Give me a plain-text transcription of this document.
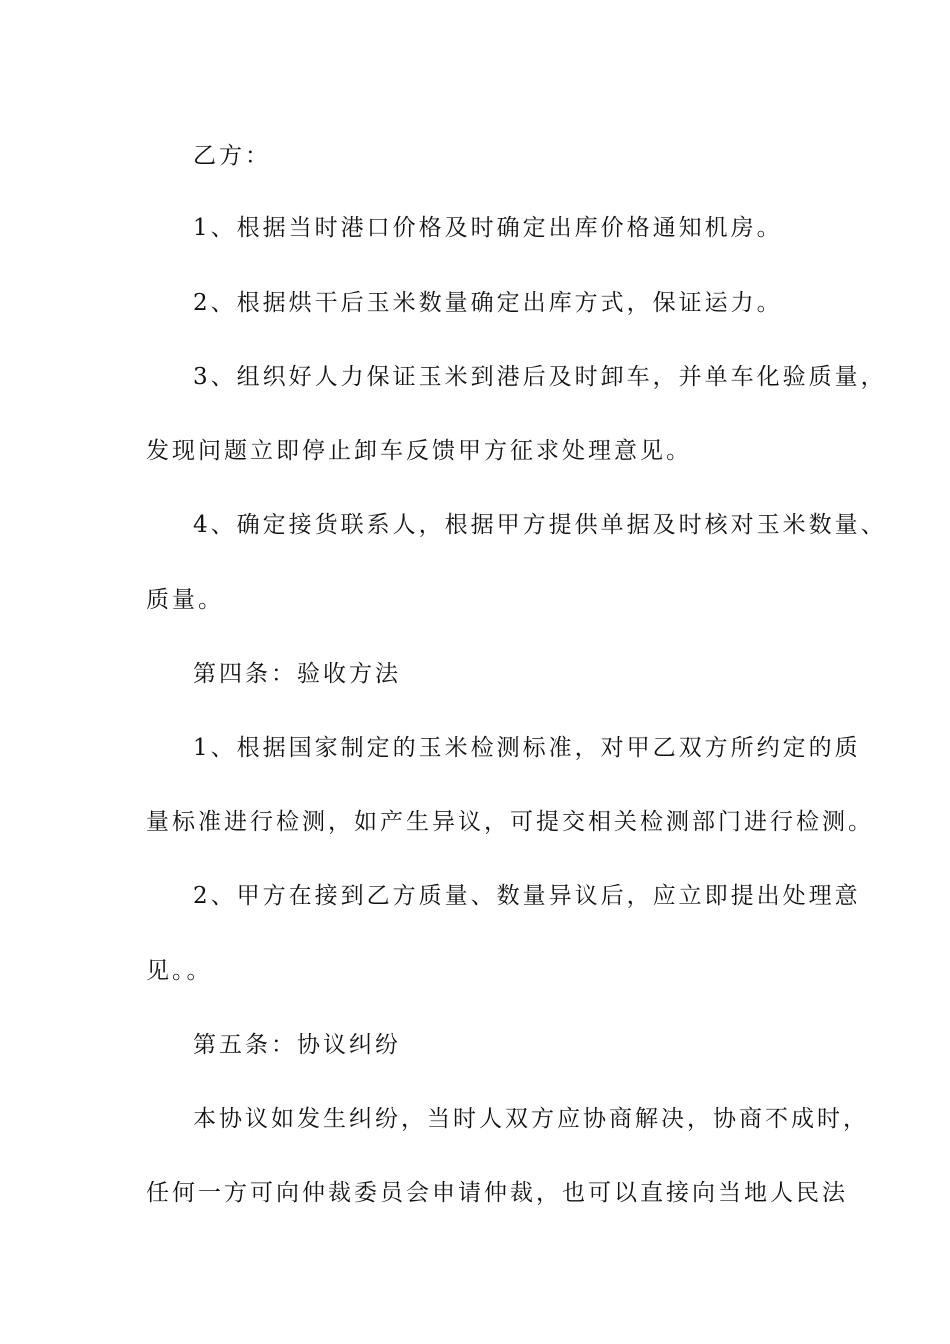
乙方：
1、根据当时港口价格及时确定出库价格通知机房。
2、根据烘干后玉米数量确定出库方式，保证运力。
3、组织好人力保证玉米到港后及时卸车，并单车化验质量，
发现问题立即停止卸车反馈甲方征求处理意见。
4、确定接货联系人，根据甲方提供单据及时核对玉米数量、
质量。
第四条：验收方法
1、根据国家制定的玉米检测标准，对甲乙双方所约定的质
量标准进行检测，如产生异议，可提交相关检测部门进行检测。
2、甲方在接到乙方质量、数量异议后，应立即提出处理意
见。。
第五条：协议纠纷
本协议如发生纠纷，当时人双方应协商解决，协商不成时，
任何一方可向仲裁委员会申请仲裁，也可以直接向当地人民法
